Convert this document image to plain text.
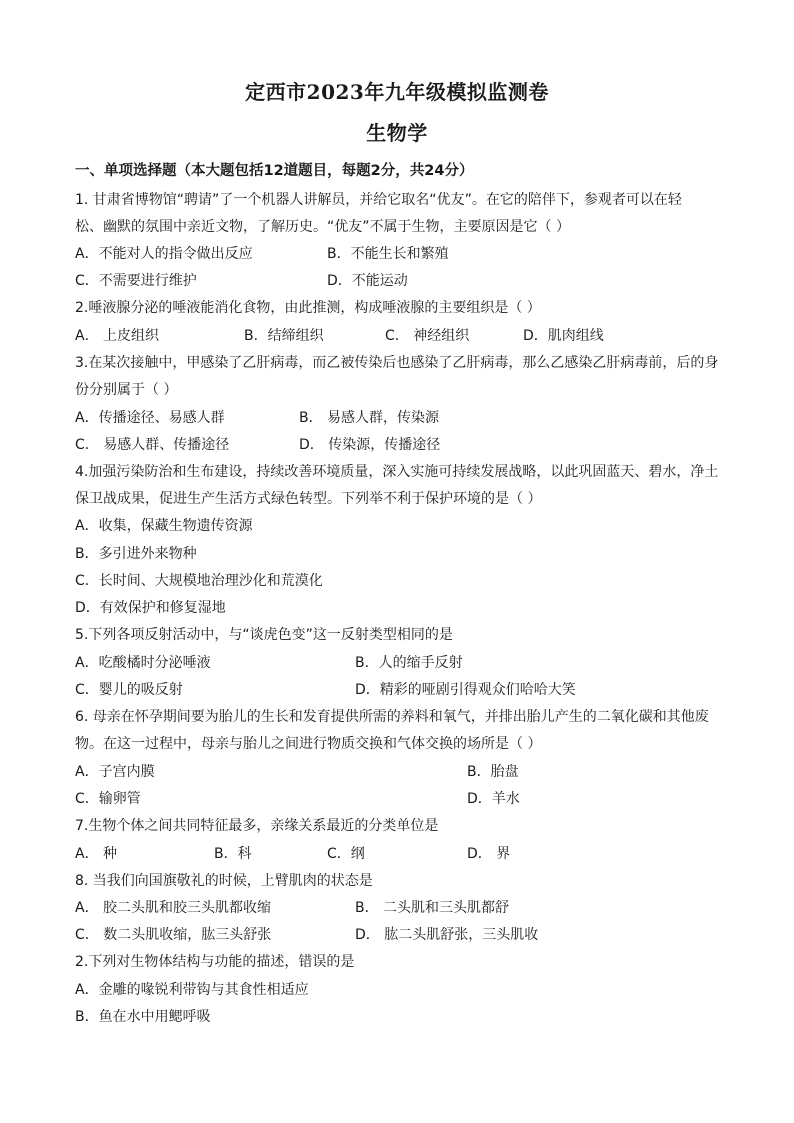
定西市2023年九年级模拟监测卷
生物学
一、单项选择题（本大题包括12道题目，每题2分，共24分）
1. 甘肃省博物馆“聘请”了一个机器人讲解员，并给它取名“优友”。在它的陪伴下，参观者可以在轻
松、幽默的氛围中亲近文物，了解历史。“优友”不属于生物，主要原因是它（ ）
A．不能对人的指令做出反应	B．不能生长和繁殖
C．不需要进行维护	D．不能运动
2.唾液腺分泌的唾液能消化食物，由此推测，构成唾液腺的主要组织是（ ）
A． 上皮组织	B．结缔组织	C． 神经组织	D．肌肉组线
3.在某次接触中，甲感染了乙肝病毒，而乙被传染后也感染了乙肝病毒，那么乙感染乙肝病毒前，后的身
份分别属于（ ）
A．传播途径、易感人群	B． 易感人群，传染源
C． 易感人群、传播途径	D． 传染源，传播途径
4.加强污染防治和生布建设，持续改善环境质量，深入实施可持续发展战略，以此巩固蓝天、碧水，净土
保卫战成果，促进生产生活方式绿色转型。下列举不利于保护环境的是（ ）
A．收集，保藏生物遗传资源
B．多引进外来物种
C．长时间、大规模地治理沙化和荒漠化
D．有效保护和修复湿地
5.下列各项反射活动中，与“谈虎色变”这一反射类型相同的是
A．吃酸橘时分泌唾液	B．人的缩手反射
C．婴儿的吸反射	D．精彩的哑剧引得观众们哈哈大笑
6. 母亲在怀孕期间要为胎儿的生长和发育提供所需的养料和氧气，并排出胎儿产生的二氧化碳和其他废
物。在这一过程中，母亲与胎儿之间进行物质交换和气体交换的场所是（ ）
A．子宫内膜	B．胎盘
C．输卵管	D．羊水
7.生物个体之间共同特征最多，亲缘关系最近的分类单位是
A． 种	B．科	C．纲	D． 界
8. 当我们向国旗敬礼的时候，上臂肌肉的状态是
A． 胶二头肌和胶三头肌都收缩	B． 二头肌和三头肌都舒
C． 数二头肌收缩，肱三头舒张	D． 肱二头肌舒张，三头肌收
2.下列对生物体结构与功能的描述，错误的是
A．金雕的喙锐利带钩与其食性相适应
B．鱼在水中用鳃呼吸
